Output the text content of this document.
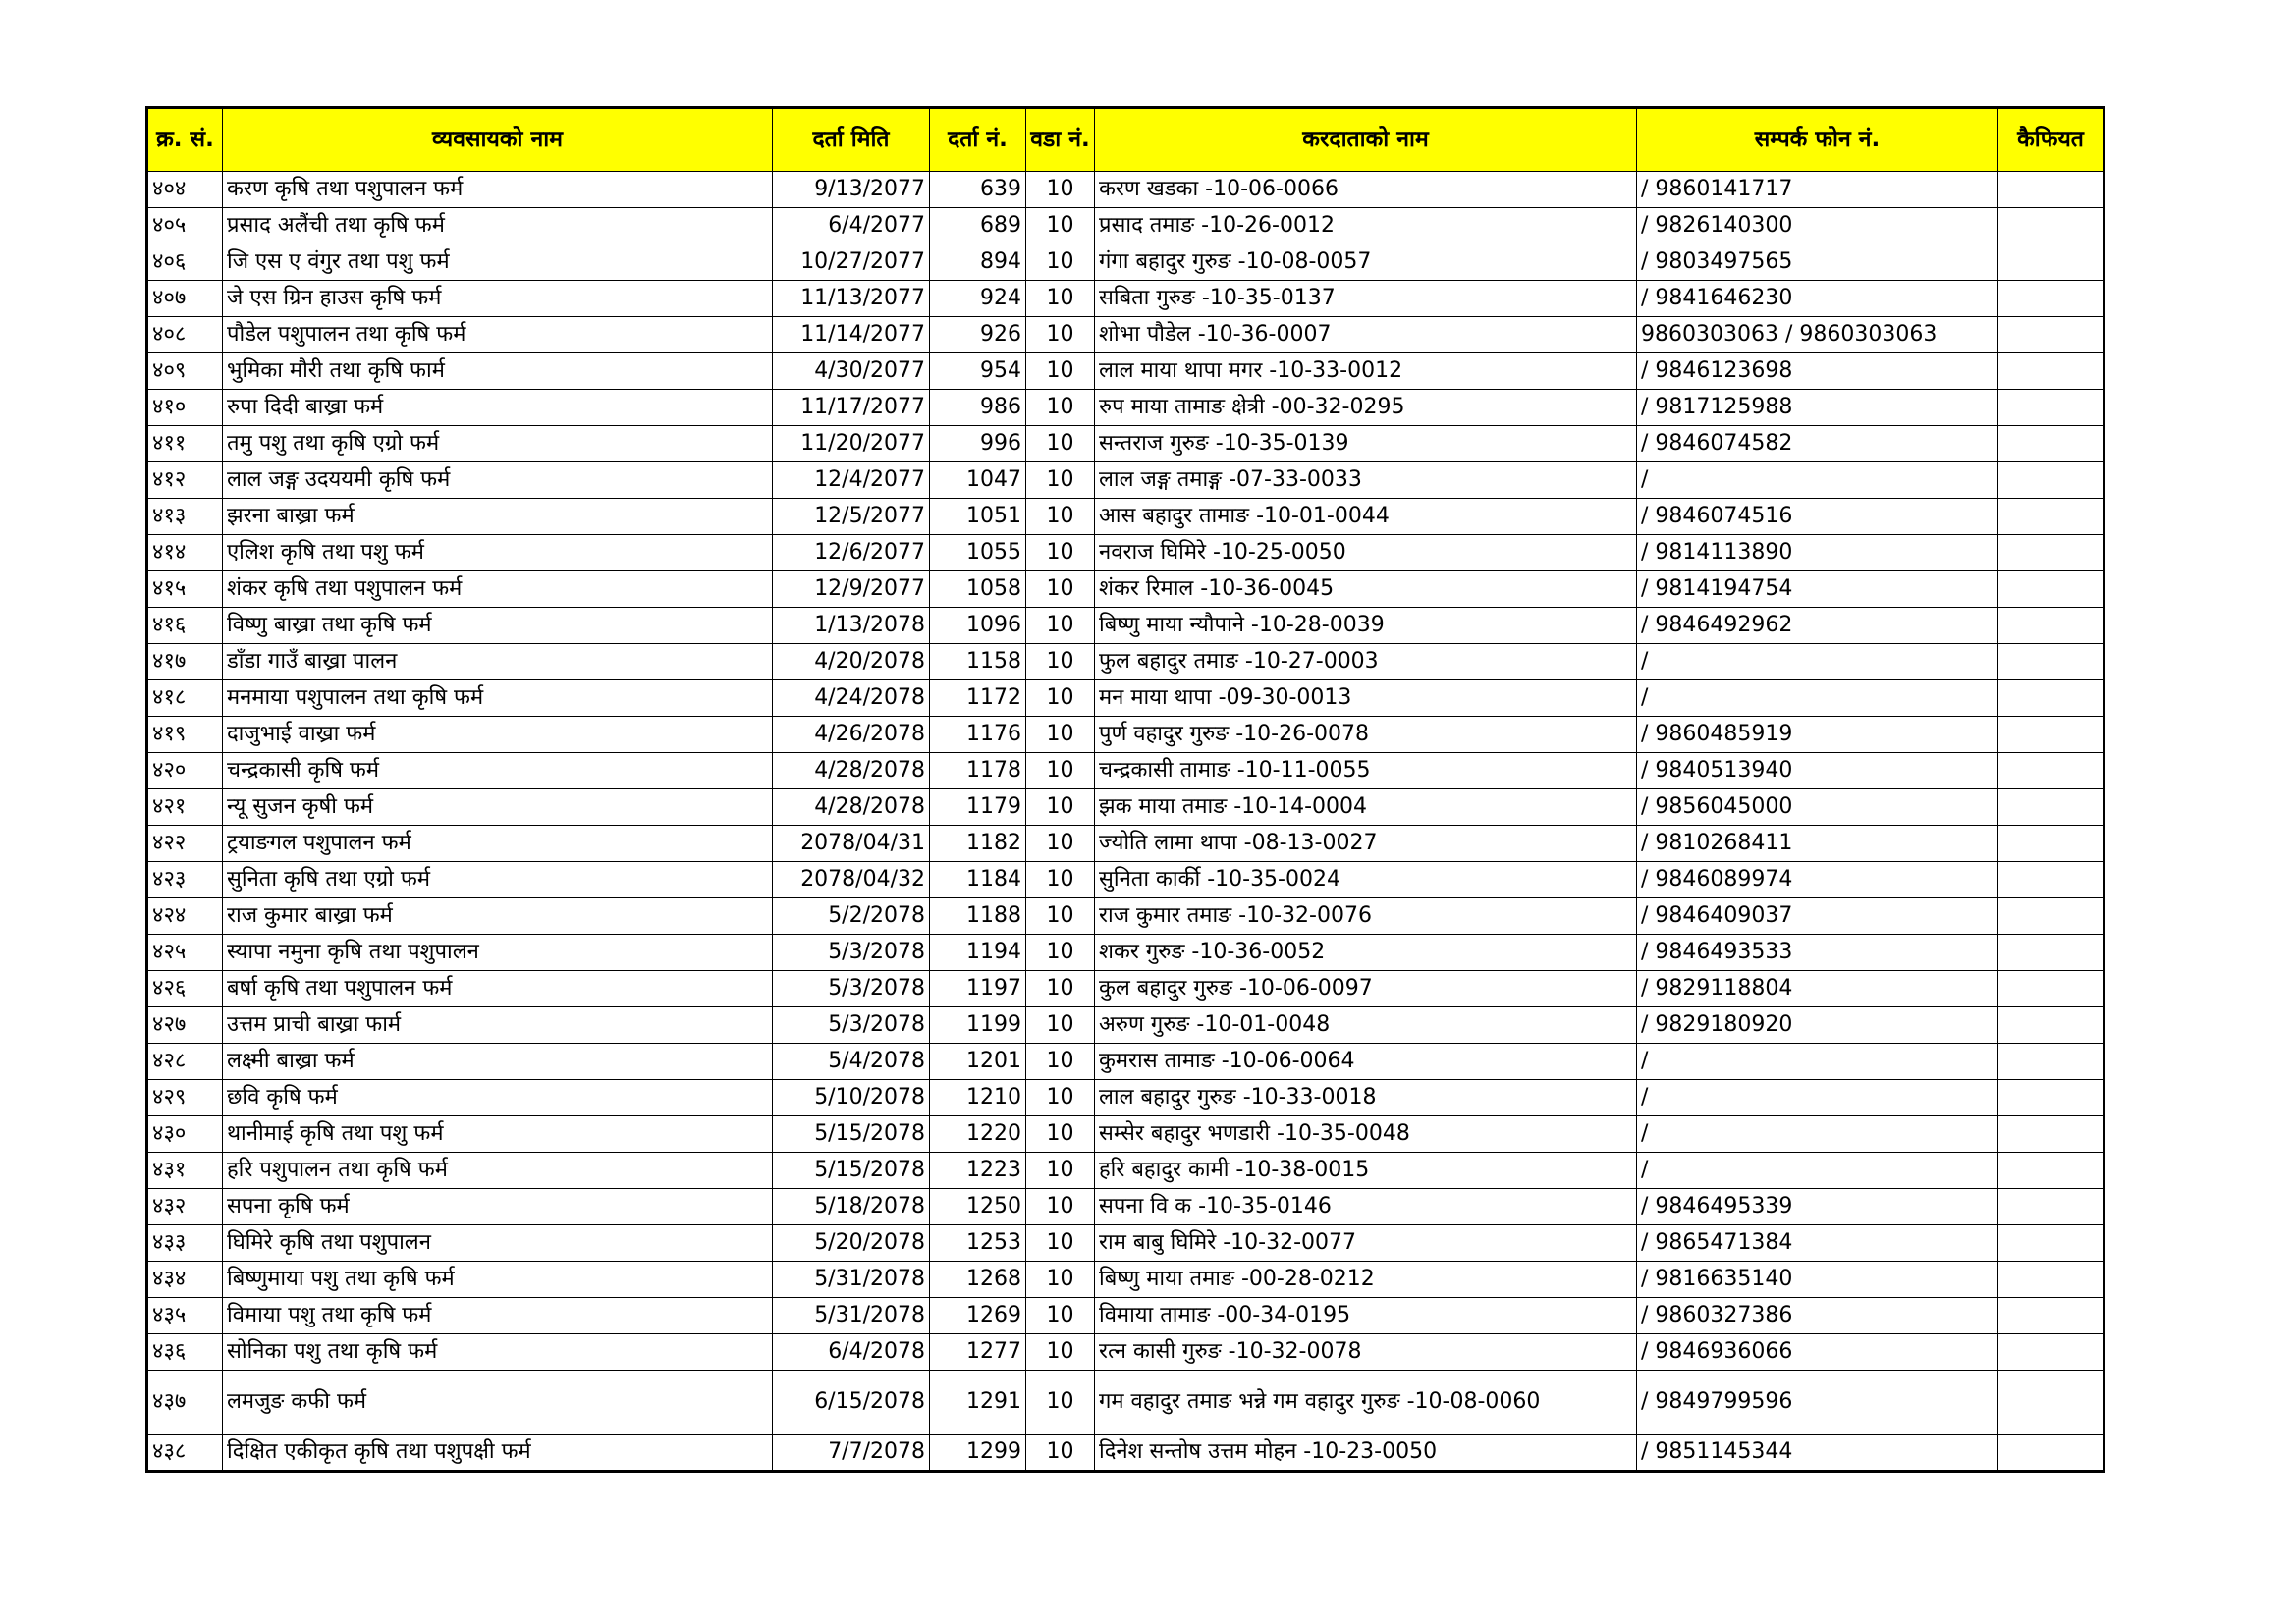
क्र. सं.	व्यवसायको नाम	दर्ता मिति	दर्ता नं.	वडा नं.	करदाताको नाम	सम्पर्क फोन नं.	कैफियत
४०४	करण कृषि तथा पशुपालन फर्म	9/13/2077	639	10	करण खडका -10-06-0066	/ 9860141717	
४०५	प्रसाद अलैंची तथा कृषि फर्म	6/4/2077	689	10	प्रसाद तमाङ -10-26-0012	/ 9826140300	
४०६	जि एस ए वंगुर तथा पशु फर्म	10/27/2077	894	10	गंगा बहादुर गुरुङ -10-08-0057	/ 9803497565	
४०७	जे एस ग्रिन हाउस कृषि फर्म	11/13/2077	924	10	सबिता गुरुङ -10-35-0137	/ 9841646230	
४०८	पौडेल पशुपालन तथा कृषि फर्म	11/14/2077	926	10	शोभा पौडेल -10-36-0007	9860303063 / 9860303063	
४०९	भुमिका मौरी तथा कृषि फार्म	4/30/2077	954	10	लाल माया थापा मगर -10-33-0012	/ 9846123698	
४१०	रुपा दिदी बाख्रा फर्म	11/17/2077	986	10	रुप माया तामाङ क्षेत्री -00-32-0295	/ 9817125988	
४११	तमु पशु तथा कृषि एग्रो फर्म	11/20/2077	996	10	सन्तराज गुरुङ -10-35-0139	/ 9846074582	
४१२	लाल जङ्ग उदययमी कृषि फर्म	12/4/2077	1047	10	लाल जङ्ग तमाङ्ग -07-33-0033	/	
४१३	झरना बाख्रा फर्म	12/5/2077	1051	10	आस बहादुर तामाङ -10-01-0044	/ 9846074516	
४१४	एलिश कृषि तथा पशु फर्म	12/6/2077	1055	10	नवराज घिमिरे -10-25-0050	/ 9814113890	
४१५	शंकर कृषि तथा पशुपालन फर्म	12/9/2077	1058	10	शंकर रिमाल -10-36-0045	/ 9814194754	
४१६	विष्णु बाख्रा तथा कृषि फर्म	1/13/2078	1096	10	बिष्णु माया न्यौपाने -10-28-0039	/ 9846492962	
४१७	डाँडा गाउँ बाख्रा पालन	4/20/2078	1158	10	फुल बहादुर तमाङ -10-27-0003	/	
४१८	मनमाया पशुपालन तथा कृषि फर्म	4/24/2078	1172	10	मन माया थापा -09-30-0013	/	
४१९	दाजुभाई वाख्रा फर्म	4/26/2078	1176	10	पुर्ण वहादुर गुरुङ -10-26-0078	/ 9860485919	
४२०	चन्द्रकासी कृषि फर्म	4/28/2078	1178	10	चन्द्रकासी तामाङ -10-11-0055	/ 9840513940	
४२१	न्यू सुजन कृषी फर्म	4/28/2078	1179	10	झक माया तमाङ -10-14-0004	/ 9856045000	
४२२	ट्रयाङगल पशुपालन फर्म	2078/04/31	1182	10	ज्योति लामा थापा -08-13-0027	/ 9810268411	
४२३	सुनिता कृषि तथा एग्रो फर्म	2078/04/32	1184	10	सुनिता कार्की -10-35-0024	/ 9846089974	
४२४	राज कुमार बाख्रा फर्म	5/2/2078	1188	10	राज कुमार तमाङ -10-32-0076	/ 9846409037	
४२५	स्यापा नमुना कृषि तथा पशुपालन	5/3/2078	1194	10	शकर गुरुङ -10-36-0052	/ 9846493533	
४२६	बर्षा कृषि तथा पशुपालन फर्म	5/3/2078	1197	10	कुल बहादुर गुरुङ -10-06-0097	/ 9829118804	
४२७	उत्तम प्राची बाख्रा फार्म	5/3/2078	1199	10	अरुण गुरुङ -10-01-0048	/ 9829180920	
४२८	लक्ष्मी बाख्रा फर्म	5/4/2078	1201	10	कुमरास तामाङ -10-06-0064	/	
४२९	छवि कृषि फर्म	5/10/2078	1210	10	लाल बहादुर गुरुङ -10-33-0018	/	
४३०	थानीमाई कृषि तथा पशु फर्म	5/15/2078	1220	10	सम्सेर बहादुर भणडारी -10-35-0048	/	
४३१	हरि पशुपालन तथा कृषि फर्म	5/15/2078	1223	10	हरि बहादुर कामी -10-38-0015	/	
४३२	सपना कृषि फर्म	5/18/2078	1250	10	सपना वि क -10-35-0146	/ 9846495339	
४३३	घिमिरे कृषि तथा पशुपालन	5/20/2078	1253	10	राम बाबु घिमिरे -10-32-0077	/ 9865471384	
४३४	बिष्णुमाया पशु तथा कृषि फर्म	5/31/2078	1268	10	बिष्णु माया तमाङ -00-28-0212	/ 9816635140	
४३५	विमाया पशु तथा कृषि फर्म	5/31/2078	1269	10	विमाया तामाङ -00-34-0195	/ 9860327386	
४३६	सोनिका पशु तथा कृषि फर्म	6/4/2078	1277	10	रत्न कासी गुरुङ -10-32-0078	/ 9846936066	
४३७	लमजुङ कफी फर्म	6/15/2078	1291	10	गम वहादुर तमाङ भन्ने गम वहादुर गुरुङ -10-08-0060	/ 9849799596	
४३८	दिक्षित एकीकृत कृषि तथा पशुपक्षी फर्म	7/7/2078	1299	10	दिनेश सन्तोष उत्तम मोहन -10-23-0050	/ 9851145344	
